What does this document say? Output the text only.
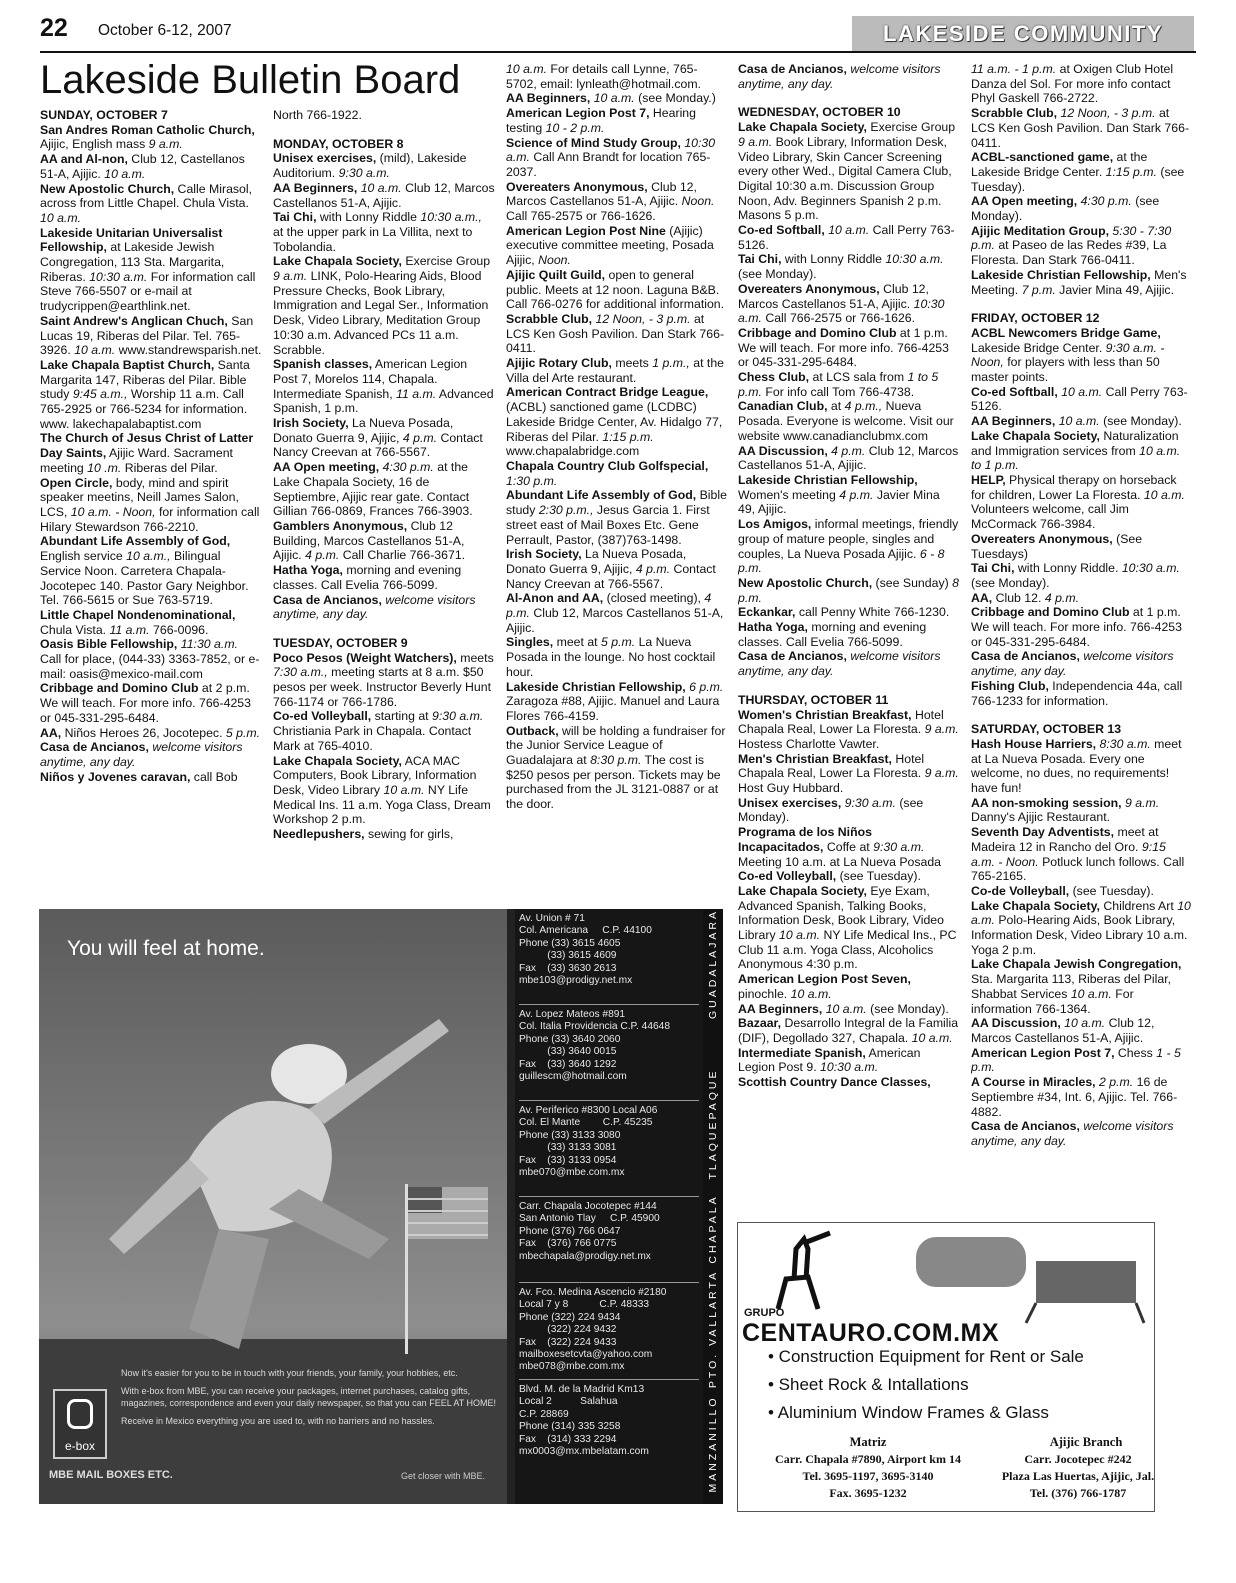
22 October 6-12, 2007	LAKESIDE COMMUNITY
Lakeside Bulletin Board

SUNDAY, OCTOBER 7

San Andres Roman Catholic Church, Ajijic, English mass 9 a.m.

AA and Al-non, Club 12, Castellanos 51-A, Ajijic. 10 a.m.

New Apostolic Church, Calle Mirasol, across from Little Chapel. Chula Vista. 10 a.m.

Lakeside Unitarian Universalist Fellowship, at Lakeside Jewish Congregation, 113 Sta. Margarita, Riberas. 10:30 a.m. For information call Steve 766-5507 or e-mail at trudycrippen@earthlink.net.

Saint Andrew's Anglican Chuch, San Lucas 19, Riberas del Pilar. Tel. 765-3926. 10 a.m. www.standrewsparish.net.

Lake Chapala Baptist Church, Santa Margarita 147, Riberas del Pilar. Bible study 9:45 a.m., Worship 11 a.m. Call 765-2925 or 766-5234 for information. www. lakechapalabaptist.com

The Church of Jesus Christ of Latter Day Saints, Ajijic Ward. Sacrament meeting 10 .m. Riberas del Pilar.

Open Circle, body, mind and spirit speaker meetins, Neill James Salon, LCS, 10 a.m. - Noon, for information call Hilary Stewardson 766-2210.

Abundant Life Assembly of God, English service 10 a.m., Bilingual Service Noon. Carretera Chapala-Jocotepec 140. Pastor Gary Neighbor. Tel. 766-5615 or Sue 763-5719.

Little Chapel Nondenominational, Chula Vista. 11 a.m. 766-0096.

Oasis Bible Fellowship, 11:30 a.m. Call for place, (044-33) 3363-7852, or e-mail: oasis@mexico-mail.com

Cribbage and Domino Club at 2 p.m. We will teach. For more info. 766-4253 or 045-331-295-6484.

AA, Niños Heroes 26, Jocotepec. 5 p.m.

Casa de Ancianos, welcome visitors anytime, any day.

Niños y Jovenes caravan, call Bob

North 766-1922.

MONDAY, OCTOBER 8

Unisex exercises, (mild), Lakeside Auditorium. 9:30 a.m.

AA Beginners, 10 a.m. Club 12, Marcos Castellanos 51-A, Ajijic.

Tai Chi, with Lonny Riddle 10:30 a.m., at the upper park in La Villita, next to Tobolandia.

Lake Chapala Society, Exercise Group 9 a.m. LINK, Polo-Hearing Aids, Blood Pressure Checks, Book Library, Immigration and Legal Ser., Information Desk, Video Library, Meditation Group 10:30 a.m. Advanced PCs 11 a.m. Scrabble.

Spanish classes, American Legion Post 7, Morelos 114, Chapala. Intermediate Spanish, 11 a.m. Advanced Spanish, 1 p.m.

Irish Society, La Nueva Posada, Donato Guerra 9, Ajijic, 4 p.m. Contact Nancy Creevan at 766-5567.

AA Open meeting, 4:30 p.m. at the Lake Chapala Society, 16 de Septiembre, Ajijic rear gate. Contact Gillian 766-0869, Frances 766-3903.

Gamblers Anonymous, Club 12 Building, Marcos Castellanos 51-A, Ajijic. 4 p.m. Call Charlie 766-3671.

Hatha Yoga, morning and evening classes. Call Evelia 766-5099.

Casa de Ancianos, welcome visitors anytime, any day.

TUESDAY, OCTOBER 9

Poco Pesos (Weight Watchers), meets 7:30 a.m., meeting starts at 8 a.m. $50 pesos per week. Instructor Beverly Hunt 766-1174 or 766-1786.

Co-ed Volleyball, starting at 9:30 a.m. Christiania Park in Chapala. Contact Mark at 765-4010.

Lake Chapala Society, ACA MAC Computers, Book Library, Information Desk, Video Library 10 a.m. NY Life Medical Ins. 11 a.m. Yoga Class, Dream Workshop 2 p.m.

Needlepushers, sewing for girls,

10 a.m. For details call Lynne, 765-5702, email: lynleath@hotmail.com.

AA Beginners, 10 a.m. (see Monday.)

American Legion Post 7, Hearing testing 10 - 2 p.m.

Science of Mind Study Group, 10:30 a.m. Call Ann Brandt for location 765-2037.

Overeaters Anonymous, Club 12, Marcos Castellanos 51-A, Ajijic. Noon. Call 765-2575 or 766-1626.

American Legion Post Nine (Ajijic) executive committee meeting, Posada Ajijic, Noon.

Ajijic Quilt Guild, open to general public. Meets at 12 noon. Laguna B&B. Call 766-0276 for additional information.

Scrabble Club, 12 Noon, - 3 p.m. at LCS Ken Gosh Pavilion. Dan Stark 766-0411.

Ajijic Rotary Club, meets 1 p.m., at the Villa del Arte restaurant.

American Contract Bridge League, (ACBL) sanctioned game (LCDBC) Lakeside Bridge Center, Av. Hidalgo 77, Riberas del Pilar. 1:15 p.m. www.chapalabridge.com

Chapala Country Club Golfspecial, 1:30 p.m.

Abundant Life Assembly of God, Bible study 2:30 p.m., Jesus Garcia 1. First street east of Mail Boxes Etc. Gene Perrault, Pastor, (387)763-1498.

Irish Society, La Nueva Posada, Donato Guerra 9, Ajijic, 4 p.m. Contact Nancy Creevan at 766-5567.

Al-Anon and AA, (closed meeting), 4 p.m. Club 12, Marcos Castellanos 51-A, Ajijic.

Singles, meet at 5 p.m. La Nueva Posada in the lounge. No host cocktail hour.

Lakeside Christian Fellowship, 6 p.m. Zaragoza #88, Ajijic. Manuel and Laura Flores 766-4159.

Outback, will be holding a fundraiser for the Junior Service League of Guadalajara at 8:30 p.m. The cost is $250 pesos per person. Tickets may be purchased from the JL 3121-0887 or at the door.

Casa de Ancianos, welcome visitors anytime, any day.

WEDNESDAY, OCTOBER 10

Lake Chapala Society, Exercise Group 9 a.m. Book Library, Information Desk, Video Library, Skin Cancer Screening every other Wed., Digital Camera Club, Digital 10:30 a.m. Discussion Group Noon, Adv. Beginners Spanish 2 p.m. Masons 5 p.m.

Co-ed Softball, 10 a.m. Call Perry 763-5126.

Tai Chi, with Lonny Riddle 10:30 a.m. (see Monday).

Overeaters Anonymous, Club 12, Marcos Castellanos 51-A, Ajijic. 10:30 a.m. Call 766-2575 or 766-1626.

Cribbage and Domino Club at 1 p.m. We will teach. For more info. 766-4253 or 045-331-295-6484.

Chess Club, at LCS sala from 1 to 5 p.m. For info call Tom 766-4738.

Canadian Club, at 4 p.m., Nueva Posada. Everyone is welcome. Visit our website www.canadianclubmx.com

AA Discussion, 4 p.m. Club 12, Marcos Castellanos 51-A, Ajijic.

Lakeside Christian Fellowship, Women's meeting 4 p.m. Javier Mina 49, Ajijic.

Los Amigos, informal meetings, friendly group of mature people, singles and couples, La Nueva Posada Ajijic. 6 - 8 p.m.

New Apostolic Church, (see Sunday) 8 p.m.

Eckankar, call Penny White 766-1230.

Hatha Yoga, morning and evening classes. Call Evelia 766-5099.

Casa de Ancianos, welcome visitors anytime, any day.

THURSDAY, OCTOBER 11

Women's Christian Breakfast, Hotel Chapala Real, Lower La Floresta. 9 a.m. Hostess Charlotte Vawter.

Men's Christian Breakfast, Hotel Chapala Real, Lower La Floresta. 9 a.m. Host Guy Hubbard.

Unisex exercises, 9:30 a.m. (see Monday).

Programa de los Niños Incapacitados, Coffe at 9:30 a.m. Meeting 10 a.m. at La Nueva Posada

Co-ed Volleyball, (see Tuesday).

Lake Chapala Society, Eye Exam, Advanced Spanish, Talking Books, Information Desk, Book Library, Video Library 10 a.m. NY Life Medical Ins., PC Club 11 a.m. Yoga Class, Alcoholics Anonymous 4:30 p.m.

American Legion Post Seven, pinochle. 10 a.m.

AA Beginners, 10 a.m. (see Monday).

Bazaar, Desarrollo Integral de la Familia (DIF), Degollado 327, Chapala. 10 a.m.

Intermediate Spanish, American Legion Post 9. 10:30 a.m.

Scottish Country Dance Classes,

11 a.m. - 1 p.m. at Oxigen Club Hotel Danza del Sol. For more info contact Phyl Gaskell 766-2722.

Scrabble Club, 12 Noon, - 3 p.m. at LCS Ken Gosh Pavilion. Dan Stark 766-0411.

ACBL-sanctioned game, at the Lakeside Bridge Center. 1:15 p.m. (see Tuesday).

AA Open meeting, 4:30 p.m. (see Monday).

Ajijic Meditation Group, 5:30 - 7:30 p.m. at Paseo de las Redes #39, La Floresta. Dan Stark 766-0411.

Lakeside Christian Fellowship, Men's Meeting. 7 p.m. Javier Mina 49, Ajijic.

FRIDAY, OCTOBER 12

ACBL Newcomers Bridge Game, Lakeside Bridge Center. 9:30 a.m. - Noon, for players with less than 50 master points.

Co-ed Softball, 10 a.m. Call Perry 763-5126.

AA Beginners, 10 a.m. (see Monday).

Lake Chapala Society, Naturalization and Immigration services from 10 a.m. to 1 p.m.

HELP, Physical therapy on horseback for children, Lower La Floresta. 10 a.m. Volunteers welcome, call Jim McCormack 766-3984.

Overeaters Anonymous, (See Tuesdays)

Tai Chi, with Lonny Riddle. 10:30 a.m. (see Monday).

AA, Club 12. 4 p.m.

Cribbage and Domino Club at 1 p.m. We will teach. For more info. 766-4253 or 045-331-295-6484.

Casa de Ancianos, welcome visitors anytime, any day.

Fishing Club, Independencia 44a, call 766-1233 for information.

SATURDAY, OCTOBER 13

Hash House Harriers, 8:30 a.m. meet at La Nueva Posada. Every one welcome, no dues, no requirements! have fun!

AA non-smoking session, 9 a.m. Danny's Ajijic Restaurant.

Seventh Day Adventists, meet at Madeira 12 in Rancho del Oro. 9:15 a.m. - Noon. Potluck lunch follows. Call 765-2165.

Co-de Volleyball, (see Tuesday).

Lake Chapala Society, Childrens Art 10 a.m. Polo-Hearing Aids, Book Library, Information Desk, Video Library 10 a.m. Yoga 2 p.m.

Lake Chapala Jewish Congregation, Sta. Margarita 113, Riberas del Pilar, Shabbat Services 10 a.m. For information 766-1364.

AA Discussion, 10 a.m. Club 12, Marcos Castellanos 51-A, Ajijic.

American Legion Post 7, Chess 1 - 5 p.m.

A Course in Miracles, 2 p.m. 16 de Septiembre #34, Int. 6, Ajijic. Tel. 766-4882.

Casa de Ancianos, welcome visitors anytime, any day.

You will feel at home.
Now it's easier for you to be in touch with your friends, your family, your hobbies, etc.
With e-box from MBE, you can receive your packages, internet purchases, catalog gifts, magazines, correspondence and even your daily newspaper, so that you can FEEL AT HOME!
Receive in Mexico everything you are used to, with no barriers and no hassles.
e-box
MBE MAIL BOXES ETC.	Get closer with MBE.
Av. Union # 71
Col. Americana     C.P. 44100
Phone (33) 3615 4605
(33) 3615 4609
Fax    (33) 3630 2613
mbe103@prodigy.net.mx
Av. Lopez Mateos #891
Col. Italia Providencia C.P. 44648
Phone (33) 3640 2060
(33) 3640 0015
Fax    (33) 3640 1292
guillescm@hotmail.com
Av. Periferico #8300 Local A06
Col. El Mante        C.P. 45235
Phone (33) 3133 3080
(33) 3133 3081
Fax    (33) 3133 0954
mbe070@mbe.com.mx
Carr. Chapala Jocotepec #144
San Antonio Tlay     C.P. 45900
Phone (376) 766 0647
Fax    (376) 766 0775
mbechapala@prodigy.net.mx
Av. Fco. Medina Ascencio #2180
Local 7 y 8           C.P. 48333
Phone (322) 224 9434
(322) 224 9432
Fax    (322) 224 9433
mailboxesetcvta@yahoo.com
mbe078@mbe.com.mx
Blvd. M. de la Madrid Km13
Local 2          Salahua
C.P. 28869
Phone (314) 335 3258
Fax    (314) 333 2294
mx0003@mx.mbelatam.com
GUADALAJARA
TLAQUEPAQUE
CHAPALA
PTO. VALLARTA
MANZANILLO
GRUPO
CENTAURO.COM.MX
• Construction Equipment for Rent or Sale
• Sheet Rock & Intallations
• Aluminium Window Frames & Glass
Matriz
Carr. Chapala #7890, Airport km 14
Tel. 3695-1197, 3695-3140
Fax. 3695-1232
Ajijic Branch
Carr. Jocotepec #242
Plaza Las Huertas, Ajijic, Jal.
Tel. (376) 766-1787
